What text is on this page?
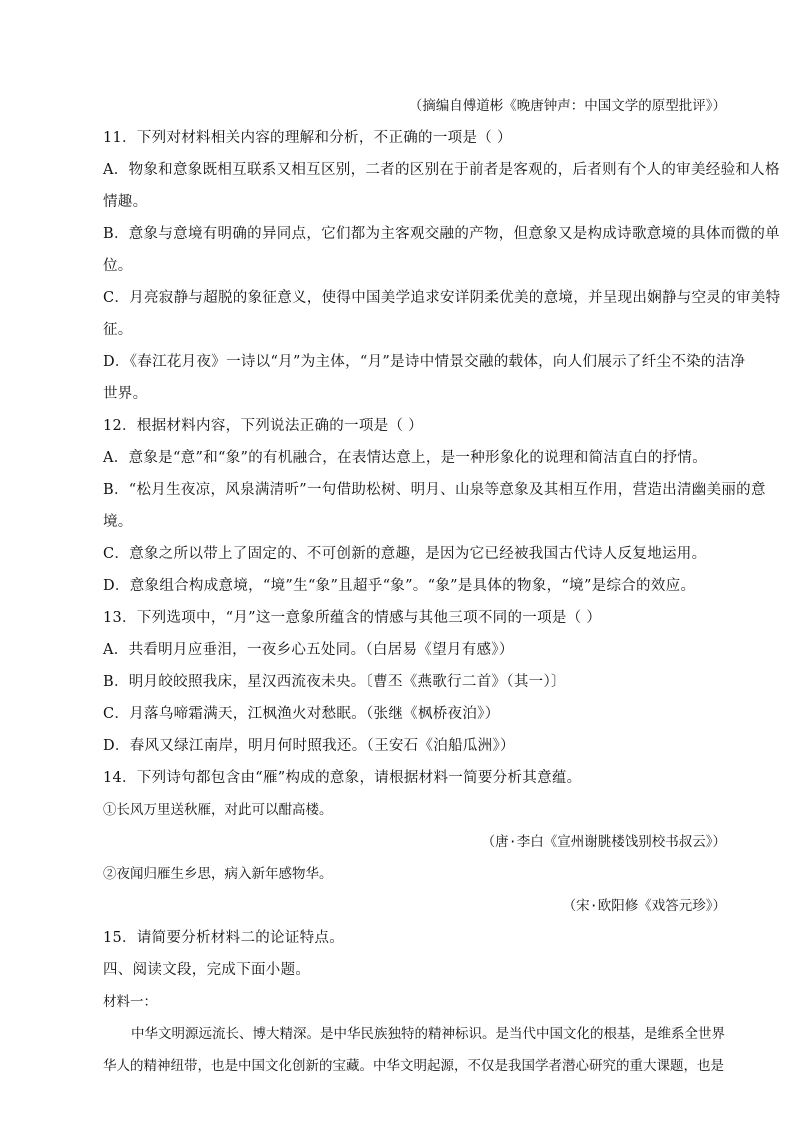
（摘编自傅道彬《晚唐钟声：中国文学的原型批评》）
11．下列对材料相关内容的理解和分析，不正确的一项是（ ）
A．物象和意象既相互联系又相互区别，二者的区别在于前者是客观的，后者则有个人的审美经验和人格
情趣。
B．意象与意境有明确的异同点，它们都为主客观交融的产物，但意象又是构成诗歌意境的具体而微的单
位。
C．月亮寂静与超脱的象征意义，使得中国美学追求安详阴柔优美的意境，并呈现出娴静与空灵的审美特
征。
D．《春江花月夜》一诗以“月”为主体，“月”是诗中情景交融的载体，向人们展示了纤尘不染的洁净
世界。
12．根据材料内容，下列说法正确的一项是（ ）
A．意象是“意”和“象”的有机融合，在表情达意上，是一种形象化的说理和简洁直白的抒情。
B．“松月生夜凉，风泉满清听”一句借助松树、明月、山泉等意象及其相互作用，营造出清幽美丽的意
境。
C．意象之所以带上了固定的、不可创新的意趣，是因为它已经被我国古代诗人反复地运用。
D．意象组合构成意境，“境”生“象”且超乎“象”。“象”是具体的物象，“境”是综合的效应。
13．下列选项中，“月”这一意象所蕴含的情感与其他三项不同的一项是（ ）
A．共看明月应垂泪，一夜乡心五处同。（白居易《望月有感》）
B．明月皎皎照我床，星汉西流夜未央。〔曹丕《燕歌行二首》（其一）〕
C．月落乌啼霜满天，江枫渔火对愁眠。（张继《枫桥夜泊》）
D．春风又绿江南岸，明月何时照我还。（王安石《泊船瓜洲》）
14．下列诗句都包含由“雁”构成的意象，请根据材料一简要分析其意蕴。
①长风万里送秋雁，对此可以酣高楼。
（唐·李白《宣州谢朓楼饯别校书叔云》）
②夜闻归雁生乡思，病入新年感物华。
（宋·欧阳修《戏答元珍》）
15．请简要分析材料二的论证特点。
四、阅读文段，完成下面小题。
材料一：
中华文明源远流长、博大精深。是中华民族独特的精神标识。是当代中国文化的根基，是维系全世界
华人的精神纽带，也是中国文化创新的宝藏。中华文明起源，不仅是我国学者潜心研究的重大课题，也是
